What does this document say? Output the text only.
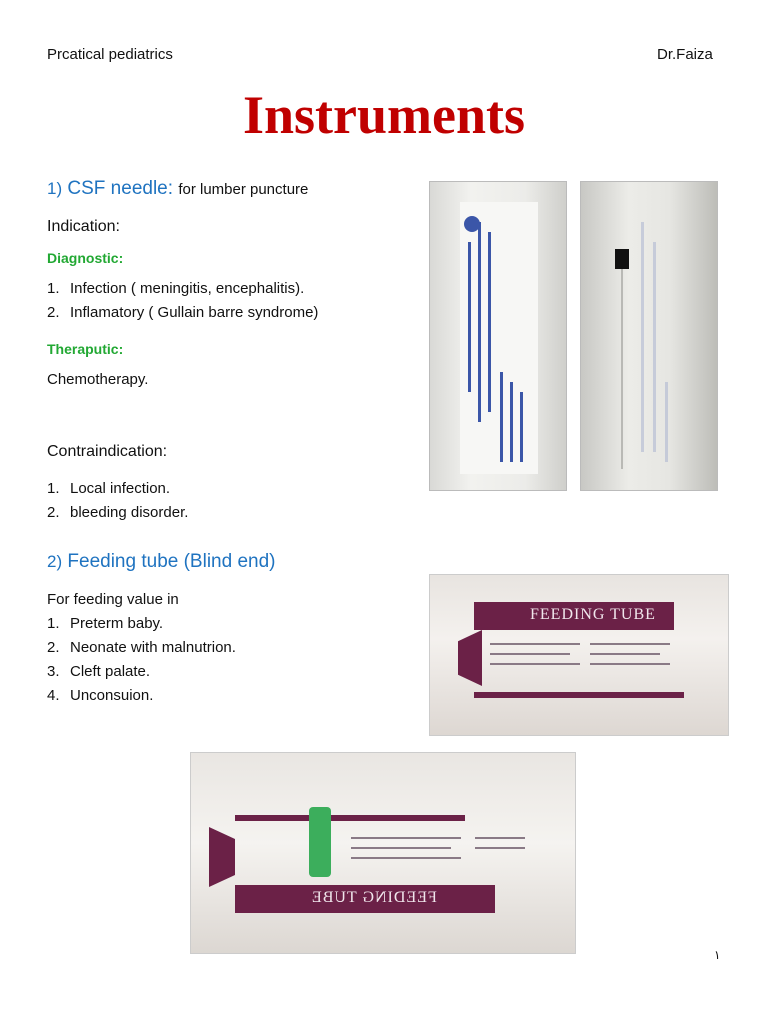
Prcatical pediatrics	Dr.Faiza
Instruments
1) CSF needle: for lumber puncture
Indication:
Diagnostic:
1. Infection ( meningitis, encephalitis).
2. Inflamatory ( Gullain barre syndrome)
Theraputic:
Chemotherapy.
Contraindication:
1. Local infection.
2. bleeding disorder.
2) Feeding tube (Blind end)
For feeding value in
1. Preterm baby.
2. Neonate with malnutrion.
3. Cleft palate.
4. Unconsuion.
FEEDING TUBE
FEEDING TUBE
١
